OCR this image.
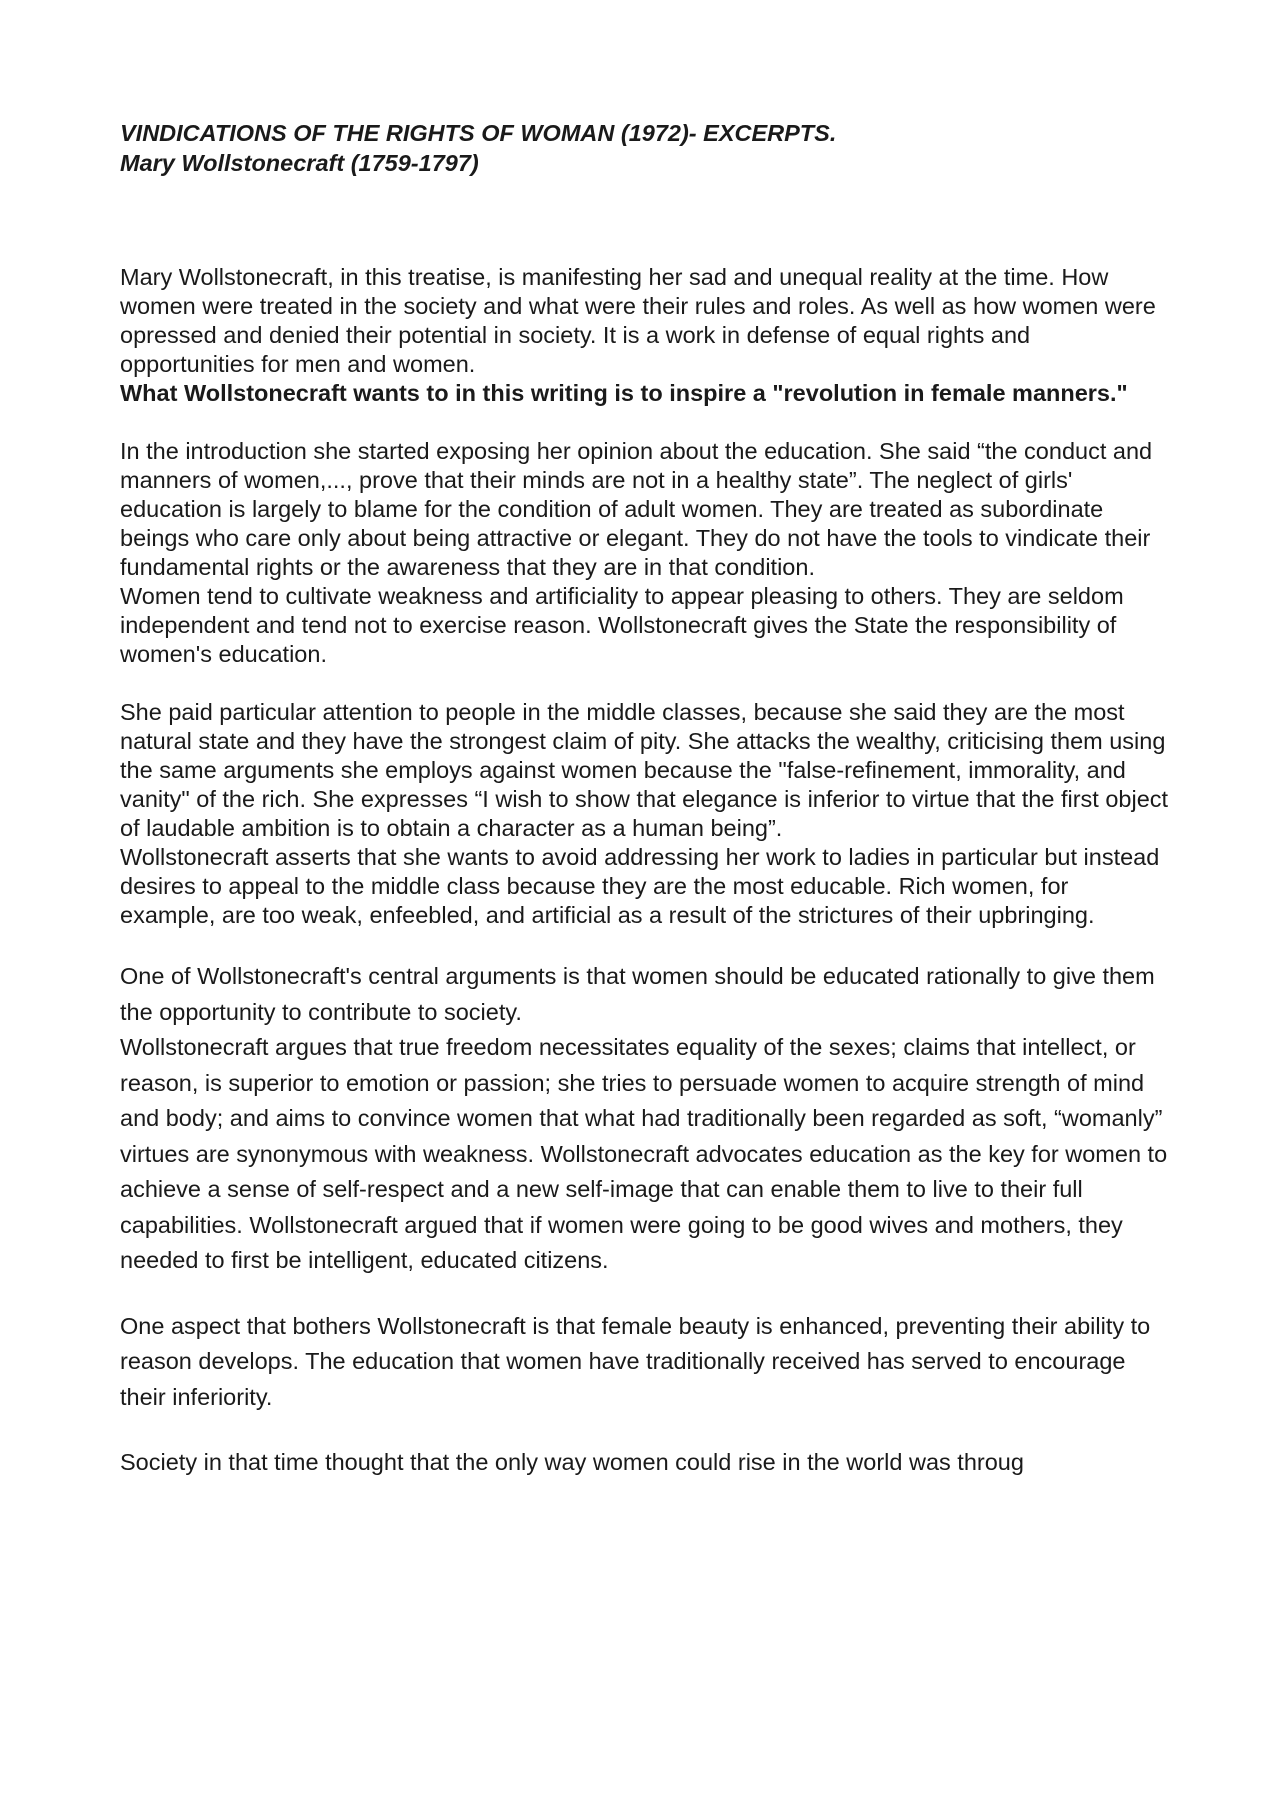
VINDICATIONS OF THE RIGHTS OF WOMAN (1972)- EXCERPTS.

Mary Wollstonecraft (1759-1797)

Mary Wollstonecraft, in this treatise, is manifesting her sad and unequal reality at the time. How women were treated in the society and what were their rules and roles. As well as how women were opressed and denied their potential in society. It is a work in defense of equal rights and opportunities for men and women.

What Wollstonecraft wants to in this writing is to inspire a "revolution in female manners."

In the introduction she started exposing her opinion about the education. She said “the conduct and manners of women,..., prove that their minds are not in a healthy state”. The neglect of girls' education is largely to blame for the condition of adult women. They are treated as subordinate beings who care only about being attractive or elegant. They do not have the tools to vindicate their fundamental rights or the awareness that they are in that condition.

Women tend to cultivate weakness and artificiality to appear pleasing to others. They are seldom independent and tend not to exercise reason. Wollstonecraft gives the State the responsibility of women's education.

She paid particular attention to people in the middle classes, because she said they are the most natural state and they have the strongest claim of pity. She attacks the wealthy, criticising them using the same arguments she employs against women because the "false-refinement, immorality, and vanity" of the rich. She expresses “I wish to show that elegance is inferior to virtue that the first object of laudable ambition is to obtain a character as a human being”.

Wollstonecraft asserts that she wants to avoid addressing her work to ladies in particular but instead desires to appeal to the middle class because they are the most educable. Rich women, for example, are too weak, enfeebled, and artificial as a result of the strictures of their upbringing.

One of Wollstonecraft's central arguments is that women should be educated rationally to give them the opportunity to contribute to society.

Wollstonecraft argues that true freedom necessitates equality of the sexes; claims that intellect, or reason, is superior to emotion or passion; she tries to persuade women to acquire strength of mind and body; and aims to convince women that what had traditionally been regarded as soft, “womanly” virtues are synonymous with weakness. Wollstonecraft advocates education as the key for women to achieve a sense of self-respect and a new self-image that can enable them to live to their full capabilities. Wollstonecraft argued that if women were going to be good wives and mothers, they needed to first be intelligent, educated citizens.

One aspect that bothers Wollstonecraft is that female beauty is enhanced, preventing their ability to reason develops. The education that women have traditionally received has served to encourage their inferiority.

Society in that time thought that the only way women could rise in the world was throug
